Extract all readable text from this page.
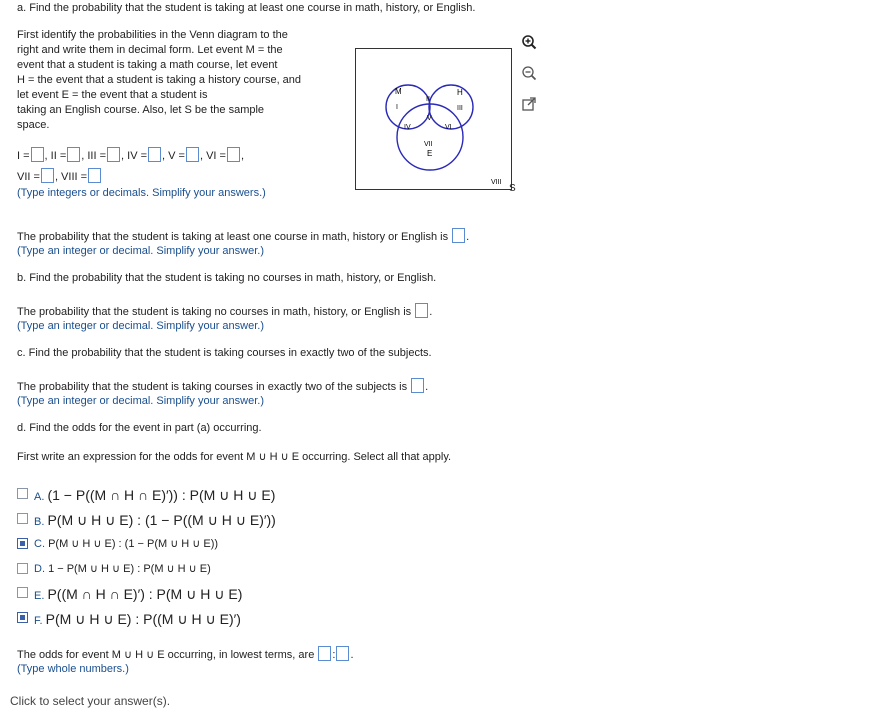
a. Find the probability that the student is taking at least one course in math, history, or English.
First identify the probabilities in the Venn diagram to the
right and write them in decimal form. Let event M = the
event that a student is taking a math course, let event
H = the event that a student is taking a history course, and
let event E = the event that a student is
taking an English course. Also, let S be the sample
space.
M	H
I
II
III
V
IV	VI
VII
E
VIII
S
I = , II = , III = , IV = , V = , VI = ,
VII = , VIII =
(Type integers or decimals. Simplify your answers.)
The probability that the student is taking at least one course in math, history or English is .
(Type an integer or decimal. Simplify your answer.)
b. Find the probability that the student is taking no courses in math, history, or English.
The probability that the student is taking no courses in math, history, or English is .
(Type an integer or decimal. Simplify your answer.)
c. Find the probability that the student is taking courses in exactly two of the subjects.
The probability that the student is taking courses in exactly two of the subjects is .
(Type an integer or decimal. Simplify your answer.)
d. Find the odds for the event in part (a) occurring.
First write an expression for the odds for event M ∪ H ∪ E occurring. Select all that apply.
A. (1 − P((M ∩ H ∩ E)′)) : P(M ∪ H ∪ E)
B. P(M ∪ H ∪ E) : (1 − P((M ∪ H ∪ E)′))
C. P(M ∪ H ∪ E) : (1 − P(M ∪ H ∪ E))
D. 1 − P(M ∪ H ∪ E) : P(M ∪ H ∪ E)
E. P((M ∩ H ∩ E)′) : P(M ∪ H ∪ E)
F. P(M ∪ H ∪ E) : P((M ∪ H ∪ E)′)
The odds for event M ∪ H ∪ E occurring, in lowest terms, are : .
(Type whole numbers.)
Click to select your answer(s).
